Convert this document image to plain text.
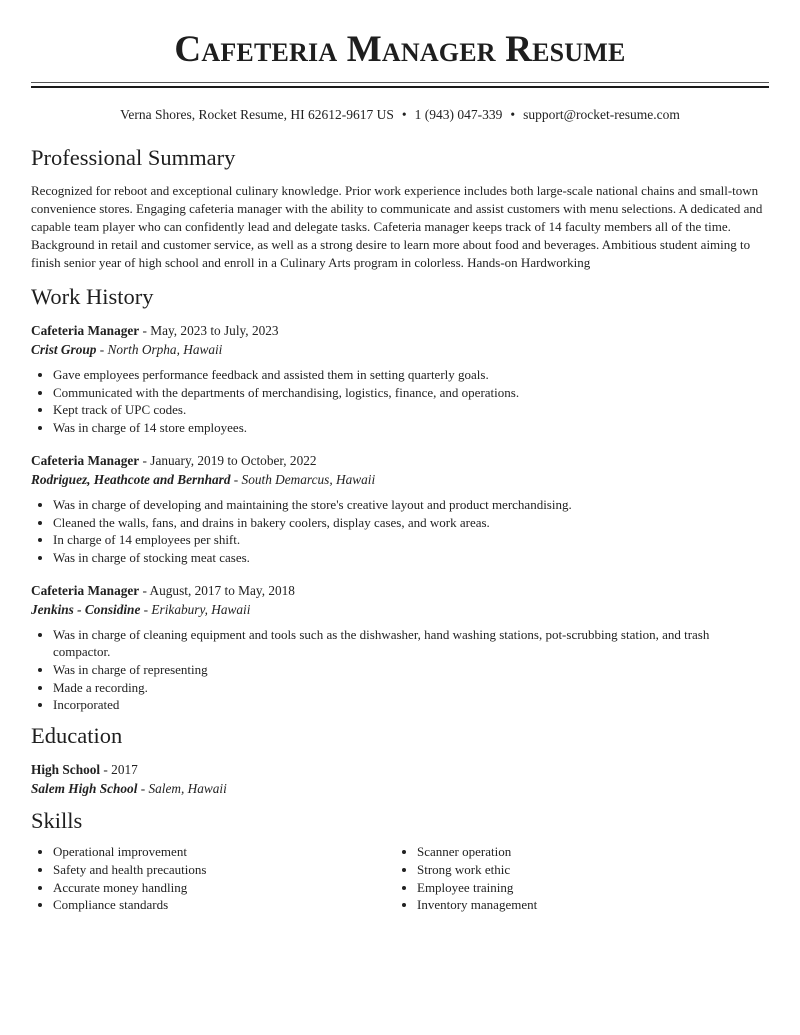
Cafeteria Manager Resume
Verna Shores, Rocket Resume, HI 62612-9617 US • 1 (943) 047-339 • support@rocket-resume.com
Professional Summary

Recognized for reboot and exceptional culinary knowledge. Prior work experience includes both large-scale national chains and small-town convenience stores. Engaging cafeteria manager with the ability to communicate and assist customers with menu selections. A dedicated and capable team player who can confidently lead and delegate tasks. Cafeteria manager keeps track of 14 faculty members all of the time. Background in retail and customer service, as well as a strong desire to learn more about food and beverages. Ambitious student aiming to finish senior year of high school and enroll in a Culinary Arts program in colorless. Hands-on Hardworking

Work History
Cafeteria Manager - May, 2023 to July, 2023
Crist Group - North Orpha, Hawaii
• Gave employees performance feedback and assisted them in setting quarterly goals.
• Communicated with the departments of merchandising, logistics, finance, and operations.
• Kept track of UPC codes.
• Was in charge of 14 store employees.
Cafeteria Manager - January, 2019 to October, 2022
Rodriguez, Heathcote and Bernhard - South Demarcus, Hawaii
• Was in charge of developing and maintaining the store's creative layout and product merchandising.
• Cleaned the walls, fans, and drains in bakery coolers, display cases, and work areas.
• In charge of 14 employees per shift.
• Was in charge of stocking meat cases.
Cafeteria Manager - August, 2017 to May, 2018
Jenkins - Considine - Erikabury, Hawaii
• Was in charge of cleaning equipment and tools such as the dishwasher, hand washing stations, pot-scrubbing station, and trash compactor.
• Was in charge of representing
• Made a recording.
• Incorporated
Education
High School - 2017
Salem High School - Salem, Hawaii
Skills
• Operational improvement
• Safety and health precautions
• Accurate money handling
• Compliance standards
• Scanner operation
• Strong work ethic
• Employee training
• Inventory management
